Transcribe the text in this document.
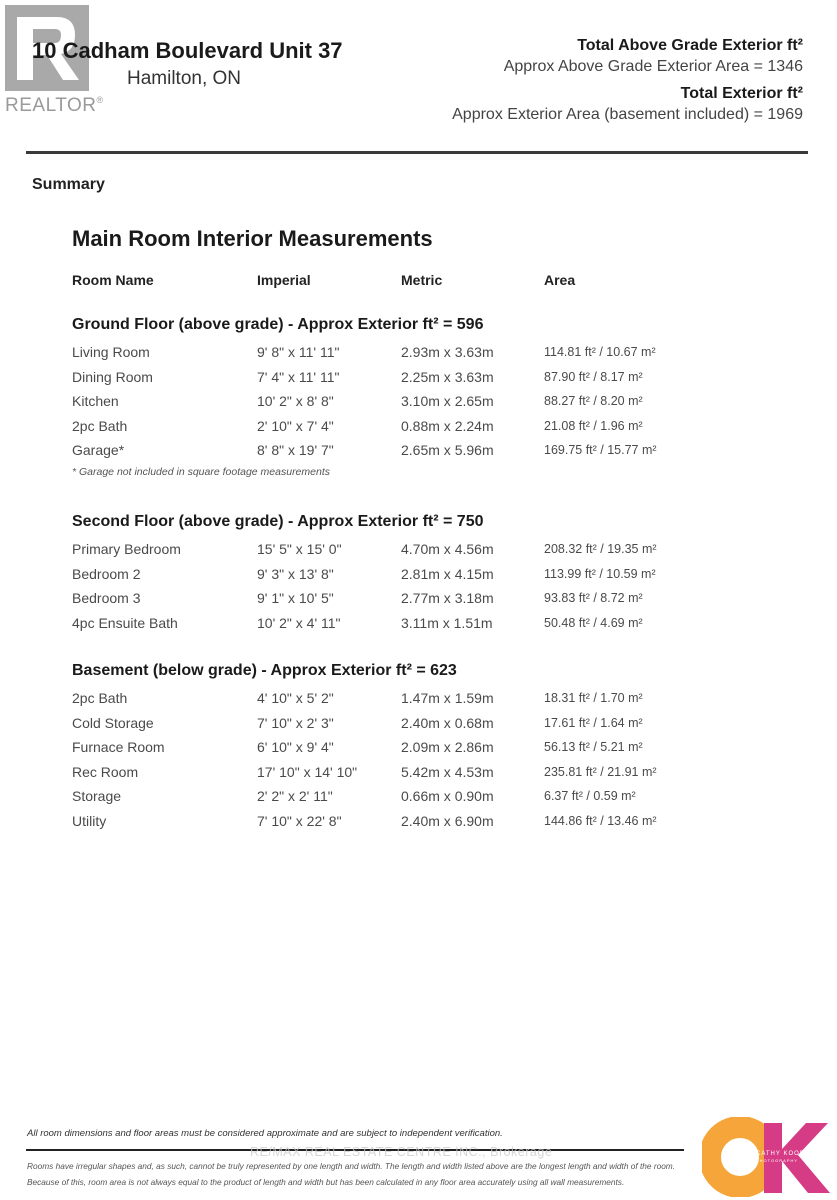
REALTOR®
10 Cadham Boulevard Unit 37
Hamilton, ON
Total Above Grade Exterior ft²
Approx Above Grade Exterior Area = 1346
Total Exterior ft²
Approx Exterior Area (basement included) = 1969
Summary
Main Room Interior Measurements
Room Name	Imperial	Metric	Area
Ground Floor (above grade) - Approx Exterior ft² = 596
Living Room	9' 8" x 11' 11"	2.93m x 3.63m	114.81 ft² / 10.67 m²
Dining Room	7' 4" x 11' 11"	2.25m x 3.63m	87.90 ft² / 8.17 m²
Kitchen	10' 2" x 8' 8"	3.10m x 2.65m	88.27 ft² / 8.20 m²
2pc Bath	2' 10" x 7' 4"	0.88m x 2.24m	21.08 ft² / 1.96 m²
Garage*	8' 8" x 19' 7"	2.65m x 5.96m	169.75 ft² / 15.77 m²
* Garage not included in square footage measurements
Second Floor (above grade) - Approx Exterior ft² = 750
Primary Bedroom	15' 5" x 15' 0"	4.70m x 4.56m	208.32 ft² / 19.35 m²
Bedroom 2	9' 3" x 13' 8"	2.81m x 4.15m	113.99 ft² / 10.59 m²
Bedroom 3	9' 1" x 10' 5"	2.77m x 3.18m	93.83 ft² / 8.72 m²
4pc Ensuite Bath	10' 2" x 4' 11"	3.11m x 1.51m	50.48 ft² / 4.69 m²
Basement (below grade) - Approx Exterior ft² = 623
2pc Bath	4' 10" x 5' 2"	1.47m x 1.59m	18.31 ft² / 1.70 m²
Cold Storage	7' 10" x 2' 3"	2.40m x 0.68m	17.61 ft² / 1.64 m²
Furnace Room	6' 10" x 9' 4"	2.09m x 2.86m	56.13 ft² / 5.21 m²
Rec Room	17' 10" x 14' 10"	5.42m x 4.53m	235.81 ft² / 21.91 m²
Storage	2' 2" x 2' 11"	0.66m x 0.90m	6.37 ft² / 0.59 m²
Utility	7' 10" x 22' 8"	2.40m x 6.90m	144.86 ft² / 13.46 m²
All room dimensions and floor areas must be considered approximate and are subject to independent verification.
RE/MAX REAL ESTATE CENTRE INC., Brokerage
Rooms have irregular shapes and, as such, cannot be truly represented by one length and width. The length and width listed above are the longest length and width of the room.
Because of this, room area is not always equal to the product of length and width but has been calculated in any floor area accurately using all wall measurements.
CATHY KOOP
PHOTOGRAPHY
